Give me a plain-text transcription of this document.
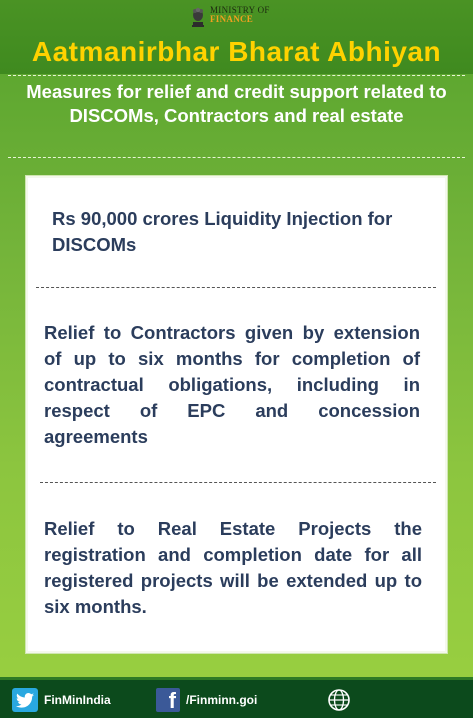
MINISTRY OF
FINANCE
Aatmanirbhar Bharat Abhiyan
Measures for relief and credit support related to DISCOMs, Contractors and real estate
Rs 90,000 crores Liquidity Injection for DISCOMs
Relief to Contractors given by extension of up to six months for completion of contractual obligations, including in respect of EPC and concession agreements
Relief to Real Estate Projects the registration and completion date for all registered projects will be extended up to six months.
FinMinIndia	f /Finminn.goi
